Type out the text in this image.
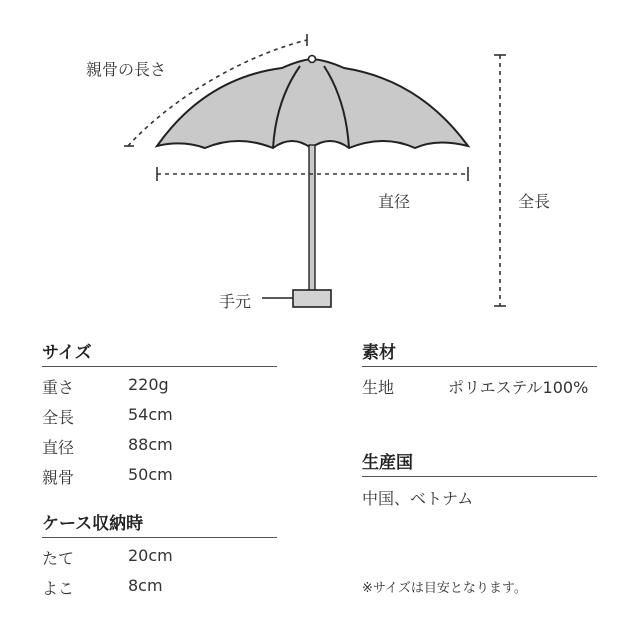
親骨の長さ
直径	全長
手元
サイズ
重さ	220g
全長	54cm
直径	88cm
親骨	50cm
ケース収納時
たて	20cm
よこ	8cm
素材
生地	ポリエステル100%
生産国
中国、ベトナム
※サイズは目安となります。
